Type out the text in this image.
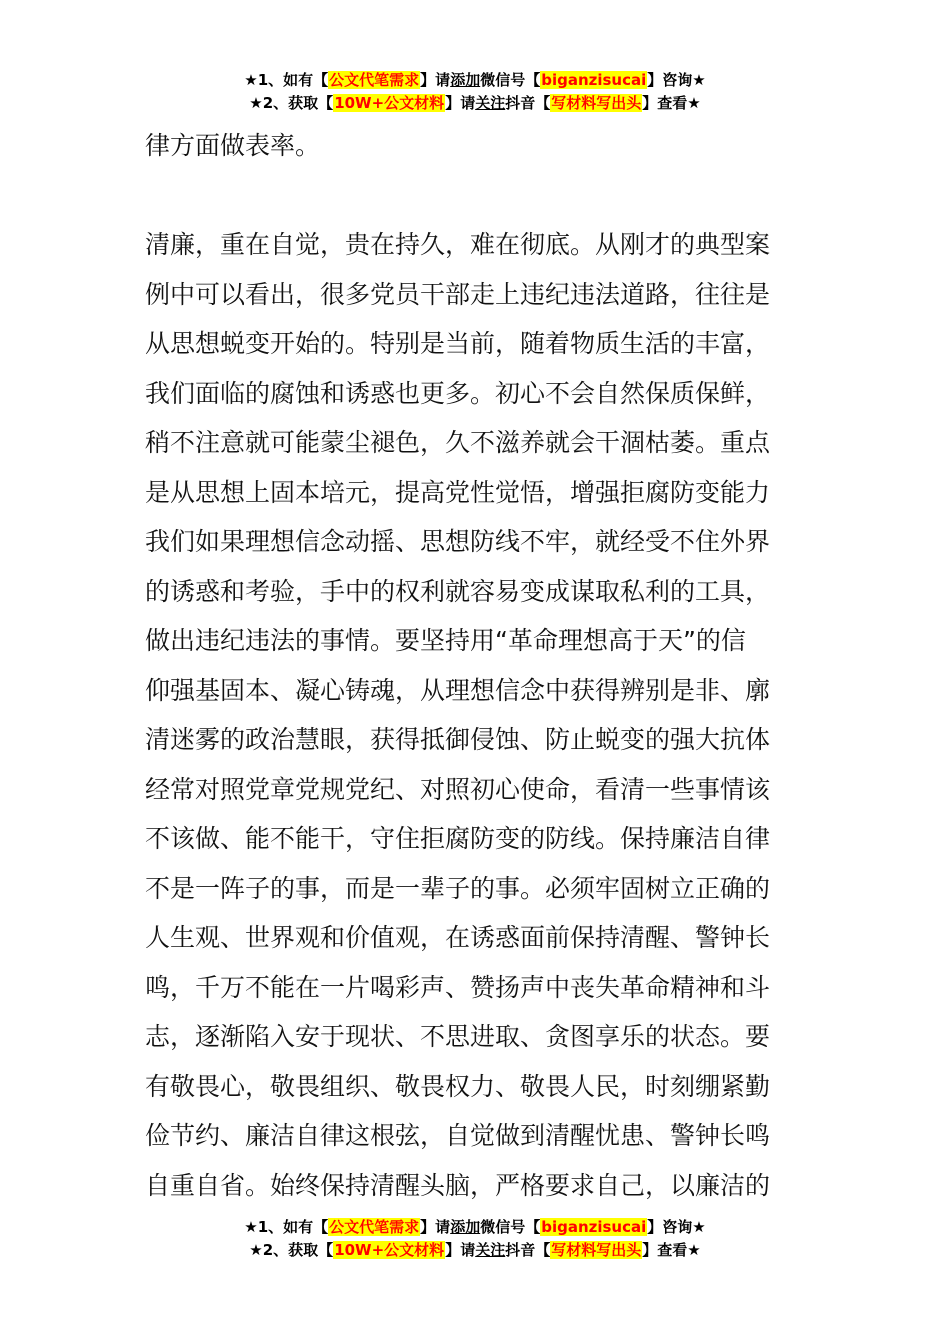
★1、如有【公文代笔需求】请添加微信号【biganzisucai】咨询★
★2、获取【10W+公文材料】请关注抖音【写材料写出头】查看★
律方面做表率。
清廉，重在自觉，贵在持久，难在彻底。从刚才的典型案
例中可以看出，很多党员干部走上违纪违法道路，往往是
从思想蜕变开始的。特别是当前，随着物质生活的丰富，
我们面临的腐蚀和诱惑也更多。初心不会自然保质保鲜，
稍不注意就可能蒙尘褪色，久不滋养就会干涸枯萎。重点
是从思想上固本培元，提高党性觉悟，增强拒腐防变能力
我们如果理想信念动摇、思想防线不牢，就经受不住外界
的诱惑和考验，手中的权利就容易变成谋取私利的工具，
做出违纪违法的事情。要坚持用“革命理想高于天”的信
仰强基固本、凝心铸魂，从理想信念中获得辨别是非、廓
清迷雾的政治慧眼，获得抵御侵蚀、防止蜕变的强大抗体
经常对照党章党规党纪、对照初心使命，看清一些事情该
不该做、能不能干，守住拒腐防变的防线。保持廉洁自律
不是一阵子的事，而是一辈子的事。必须牢固树立正确的
人生观、世界观和价值观，在诱惑面前保持清醒、警钟长
鸣，千万不能在一片喝彩声、赞扬声中丧失革命精神和斗
志，逐渐陷入安于现状、不思进取、贪图享乐的状态。要
有敬畏心，敬畏组织、敬畏权力、敬畏人民，时刻绷紧勤
俭节约、廉洁自律这根弦，自觉做到清醒忧患、警钟长鸣
自重自省。始终保持清醒头脑，严格要求自己，以廉洁的
★1、如有【公文代笔需求】请添加微信号【biganzisucai】咨询★
★2、获取【10W+公文材料】请关注抖音【写材料写出头】查看★
